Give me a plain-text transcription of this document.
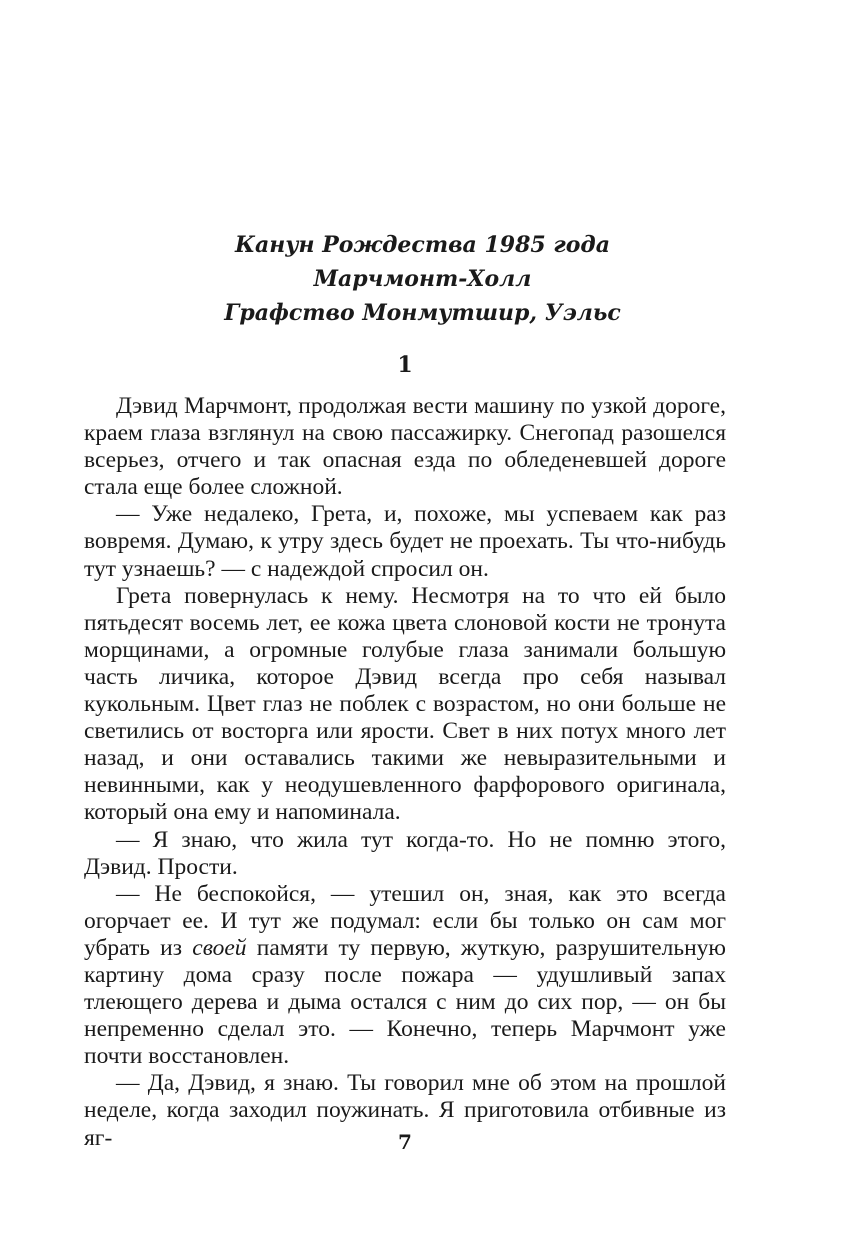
Канун Рождества 1985 года
Марчмонт-Холл
Графство Монмутшир, Уэльс
1

Дэвид Марчмонт, продолжая вести машину по узкой дороге, краем глаза взглянул на свою пассажирку. Снегопад разошелся всерьез, отчего и так опасная езда по обледеневшей дороге стала еще более сложной.

— Уже недалеко, Грета, и, похоже, мы успеваем как раз вовремя. Думаю, к утру здесь будет не проехать. Ты что-нибудь тут узнаешь? — с надеждой спросил он.

Грета повернулась к нему. Несмотря на то что ей было пятьдесят восемь лет, ее кожа цвета слоновой кости не тронута морщинами, а огромные голубые глаза занимали большую часть личика, которое Дэвид всегда про себя называл кукольным. Цвет глаз не поблек с возрастом, но они больше не светились от восторга или ярости. Свет в них потух много лет назад, и они оставались такими же невыразительными и невинными, как у неодушевленного фарфорового оригинала, который она ему и напоминала.

— Я знаю, что жила тут когда-то. Но не помню этого, Дэвид. Прости.

— Не беспокойся, — утешил он, зная, как это всегда огорчает ее. И тут же подумал: если бы только он сам мог убрать из своей памяти ту первую, жуткую, разрушительную картину дома сразу после пожара — удушливый запах тлеющего дерева и дыма остался с ним до сих пор, — он бы непременно сделал это. — Конечно, теперь Марчмонт уже почти восстановлен.

— Да, Дэвид, я знаю. Ты говорил мне об этом на прошлой неделе, когда заходил поужинать. Я приготовила отбивные из яг-	7
